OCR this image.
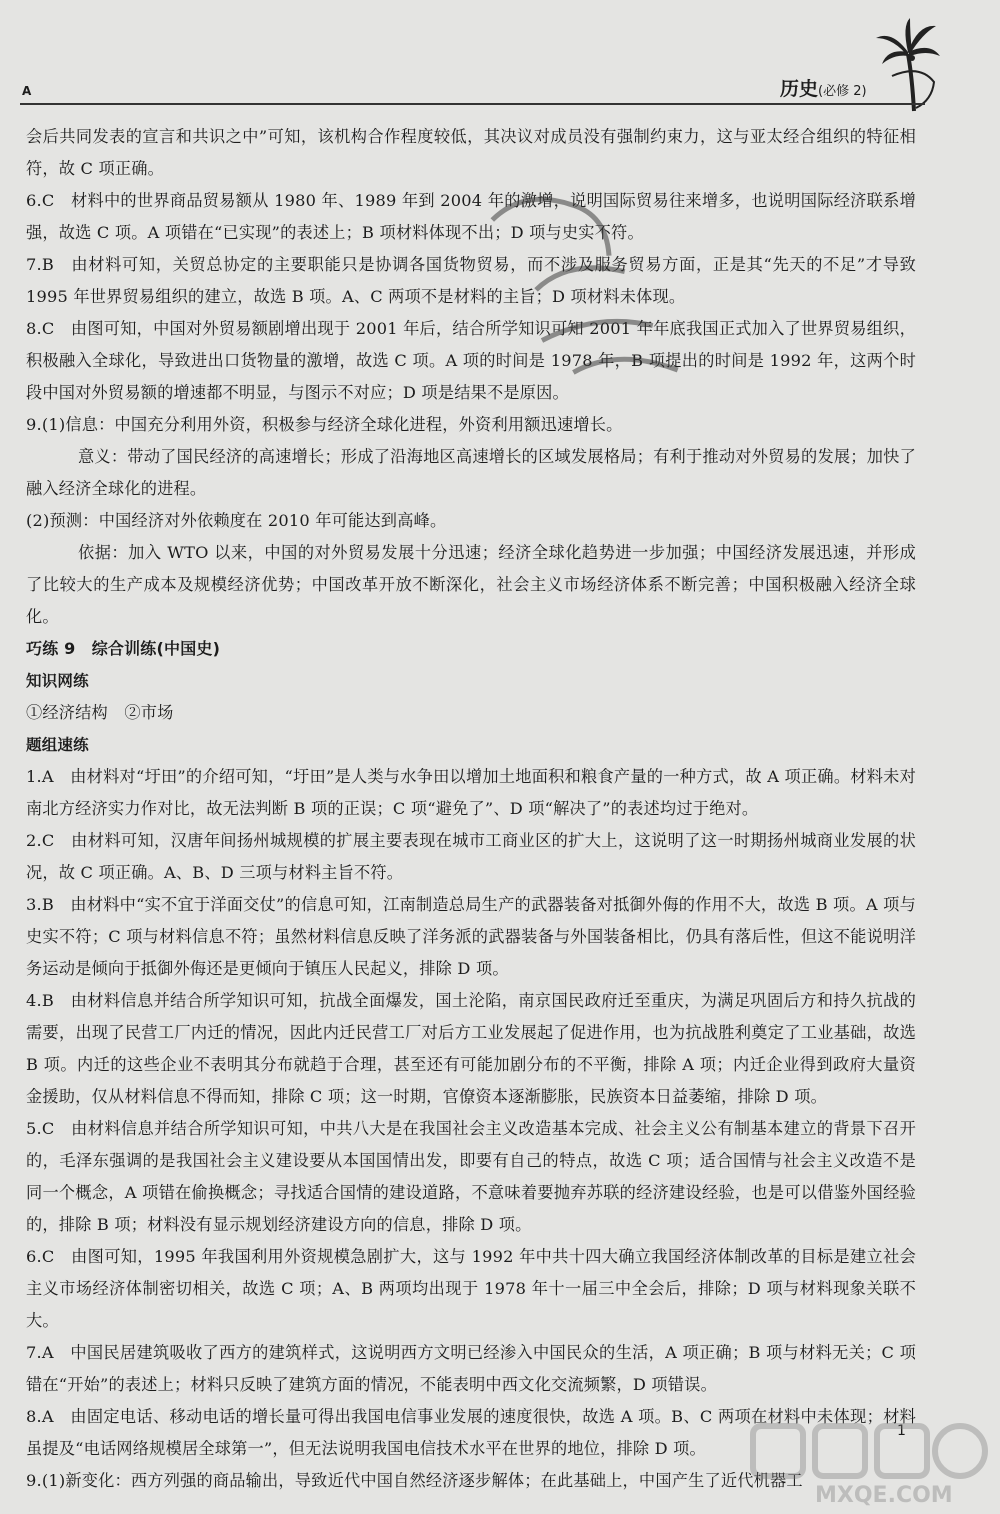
A	历史(必修 2)

会后共同发表的宣言和共识之中”可知，该机构合作程度较低，其决议对成员没有强制约束力，这与亚太经合组织的特征相符，故 C 项正确。

6.C　材料中的世界商品贸易额从 1980 年、1989 年到 2004 年的激增，说明国际贸易往来增多，也说明国际经济联系增强，故选 C 项。A 项错在“已实现”的表述上；B 项材料体现不出；D 项与史实不符。

7.B　由材料可知，关贸总协定的主要职能只是协调各国货物贸易，而不涉及服务贸易方面，正是其“先天的不足”才导致 1995 年世界贸易组织的建立，故选 B 项。A、C 两项不是材料的主旨；D 项材料未体现。

8.C　由图可知，中国对外贸易额剧增出现于 2001 年后，结合所学知识可知 2001 年年底我国正式加入了世界贸易组织，积极融入全球化，导致进出口货物量的激增，故选 C 项。A 项的时间是 1978 年，B 项提出的时间是 1992 年，这两个时段中国对外贸易额的增速都不明显，与图示不对应；D 项是结果不是原因。

9.(1)信息：中国充分利用外资，积极参与经济全球化进程，外资利用额迅速增长。

意义：带动了国民经济的高速增长；形成了沿海地区高速增长的区域发展格局；有利于推动对外贸易的发展；加快了融入经济全球化的进程。

(2)预测：中国经济对外依赖度在 2010 年可能达到高峰。

依据：加入 WTO 以来，中国的对外贸易发展十分迅速；经济全球化趋势进一步加强；中国经济发展迅速，并形成了比较大的生产成本及规模经济优势；中国改革开放不断深化，社会主义市场经济体系不断完善；中国积极融入经济全球化。

巧练 9　综合训练(中国史)

知识网练

①经济结构　②市场

题组速练

1.A　由材料对“圩田”的介绍可知，“圩田”是人类与水争田以增加土地面积和粮食产量的一种方式，故 A 项正确。材料未对南北方经济实力作对比，故无法判断 B 项的正误；C 项“避免了”、D 项“解决了”的表述均过于绝对。

2.C　由材料可知，汉唐年间扬州城规模的扩展主要表现在城市工商业区的扩大上，这说明了这一时期扬州城商业发展的状况，故 C 项正确。A、B、D 三项与材料主旨不符。

3.B　由材料中“实不宜于洋面交仗”的信息可知，江南制造总局生产的武器装备对抵御外侮的作用不大，故选 B 项。A 项与史实不符；C 项与材料信息不符；虽然材料信息反映了洋务派的武器装备与外国装备相比，仍具有落后性，但这不能说明洋务运动是倾向于抵御外侮还是更倾向于镇压人民起义，排除 D 项。

4.B　由材料信息并结合所学知识可知，抗战全面爆发，国土沦陷，南京国民政府迁至重庆，为满足巩固后方和持久抗战的需要，出现了民营工厂内迁的情况，因此内迁民营工厂对后方工业发展起了促进作用，也为抗战胜利奠定了工业基础，故选 B 项。内迁的这些企业不表明其分布就趋于合理，甚至还有可能加剧分布的不平衡，排除 A 项；内迁企业得到政府大量资金援助，仅从材料信息不得而知，排除 C 项；这一时期，官僚资本逐渐膨胀，民族资本日益萎缩，排除 D 项。

5.C　由材料信息并结合所学知识可知，中共八大是在我国社会主义改造基本完成、社会主义公有制基本建立的背景下召开的，毛泽东强调的是我国社会主义建设要从本国国情出发，即要有自己的特点，故选 C 项；适合国情与社会主义改造不是同一个概念，A 项错在偷换概念；寻找适合国情的建设道路，不意味着要抛弃苏联的经济建设经验，也是可以借鉴外国经验的，排除 B 项；材料没有显示规划经济建设方向的信息，排除 D 项。

6.C　由图可知，1995 年我国利用外资规模急剧扩大，这与 1992 年中共十四大确立我国经济体制改革的目标是建立社会主义市场经济体制密切相关，故选 C 项；A、B 两项均出现于 1978 年十一届三中全会后，排除；D 项与材料现象关联不大。

7.A　中国民居建筑吸收了西方的建筑样式，这说明西方文明已经渗入中国民众的生活，A 项正确；B 项与材料无关；C 项错在“开始”的表述上；材料只反映了建筑方面的情况，不能表明中西文化交流频繁，D 项错误。

8.A　由固定电话、移动电话的增长量可得出我国电信事业发展的速度很快，故选 A 项。B、C 两项在材料中未体现；材料虽提及“电话网络规模居全球第一”，但无法说明我国电信技术水平在世界的地位，排除 D 项。

9.(1)新变化：西方列强的商品输出，导致近代中国自然经济逐步解体；在此基础上，中国产生了近代机器工

1
MXQE.COM
